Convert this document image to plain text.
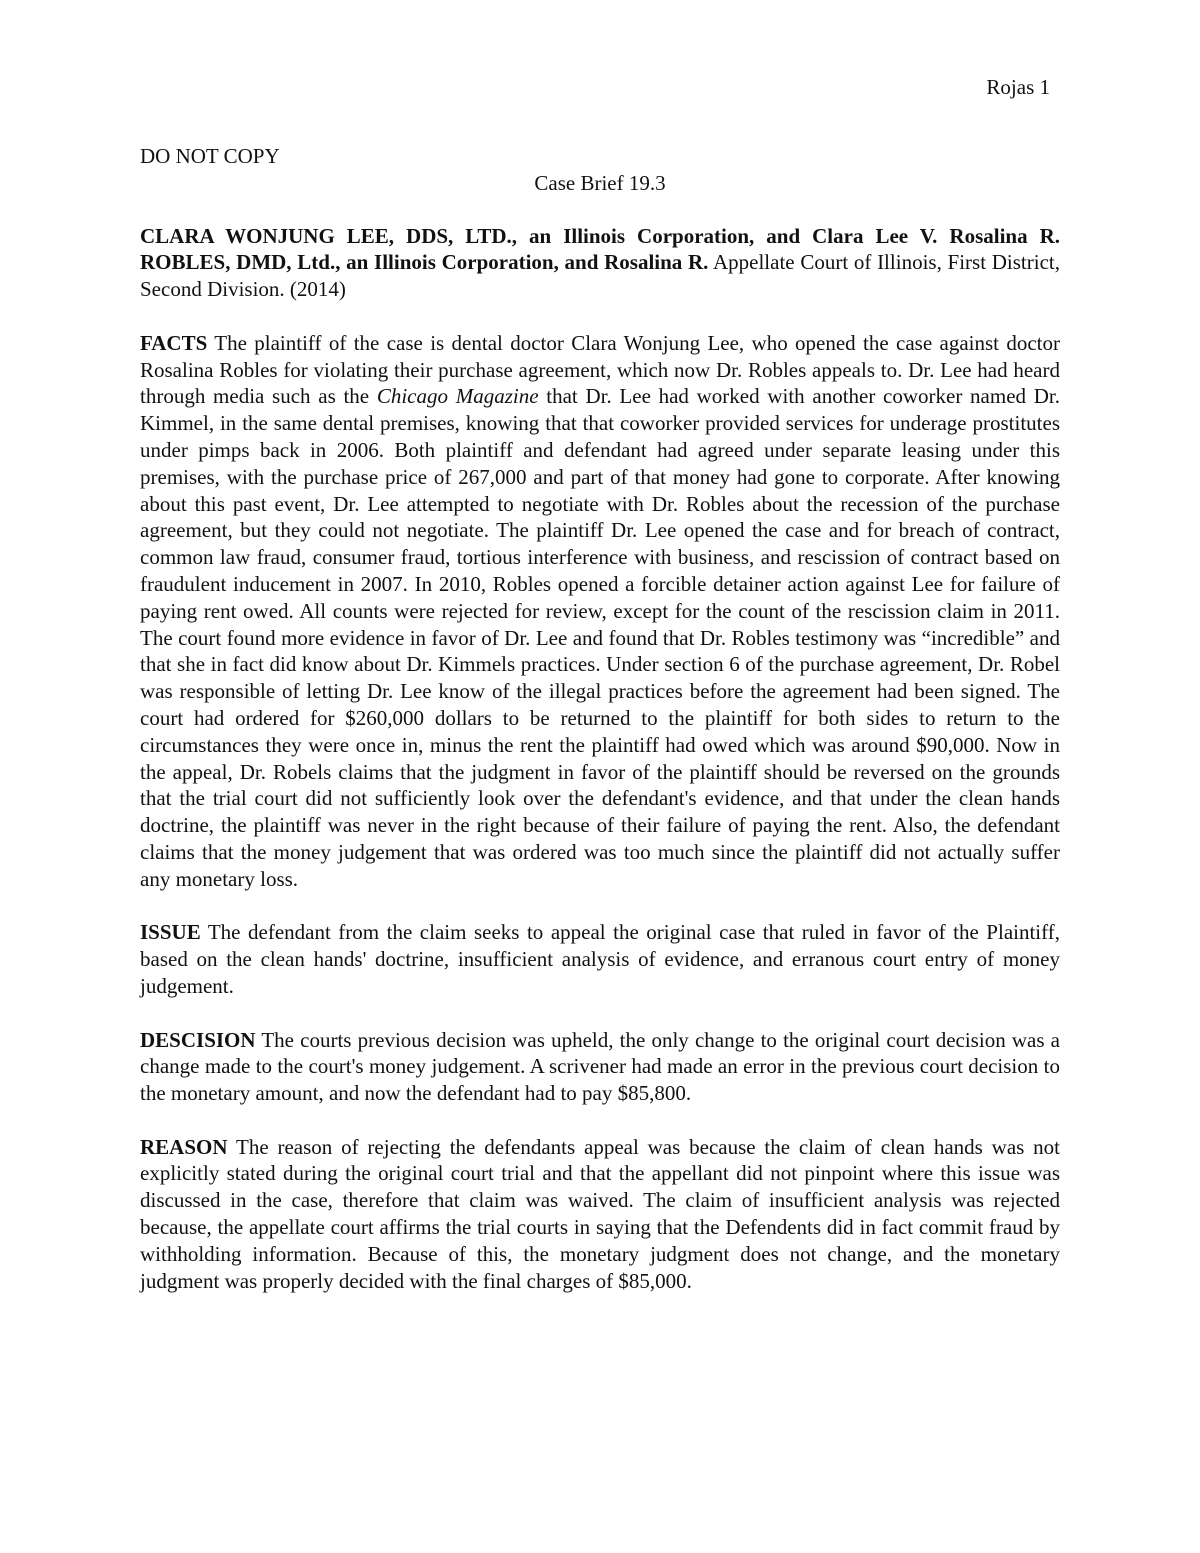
Rojas 1

DO NOT COPY

Case Brief 19.3

CLARA WONJUNG LEE, DDS, LTD., an Illinois Corporation, and Clara Lee V. Rosalina R. ROBLES, DMD, Ltd., an Illinois Corporation, and Rosalina R. Appellate Court of Illinois, First District, Second Division. (2014)

FACTS The plaintiff of the case is dental doctor Clara Wonjung Lee, who opened the case against doctor Rosalina Robles for violating their purchase agreement, which now Dr. Robles appeals to. Dr. Lee had heard through media such as the Chicago Magazine that Dr. Lee had worked with another coworker named Dr. Kimmel, in the same dental premises, knowing that that coworker provided services for underage prostitutes under pimps back in 2006. Both plaintiff and defendant had agreed under separate leasing under this premises, with the purchase price of 267,000 and part of that money had gone to corporate. After knowing about this past event, Dr. Lee attempted to negotiate with Dr. Robles about the recession of the purchase agreement, but they could not negotiate. The plaintiff Dr. Lee opened the case and for breach of contract, common law fraud, consumer fraud, tortious interference with business, and rescission of contract based on fraudulent inducement in 2007. In 2010, Robles opened a forcible detainer action against Lee for failure of paying rent owed. All counts were rejected for review, except for the count of the rescission claim in 2011. The court found more evidence in favor of Dr. Lee and found that Dr. Robles testimony was “incredible” and that she in fact did know about Dr. Kimmels practices. Under section 6 of the purchase agreement, Dr. Robel was responsible of letting Dr. Lee know of the illegal practices before the agreement had been signed. The court had ordered for $260,000 dollars to be returned to the plaintiff for both sides to return to the circumstances they were once in, minus the rent the plaintiff had owed which was around $90,000. Now in the appeal, Dr. Robels claims that the judgment in favor of the plaintiff should be reversed on the grounds that the trial court did not sufficiently look over the defendant's evidence, and that under the clean hands doctrine, the plaintiff was never in the right because of their failure of paying the rent. Also, the defendant claims that the money judgement that was ordered was too much since the plaintiff did not actually suffer any monetary loss.

ISSUE The defendant from the claim seeks to appeal the original case that ruled in favor of the Plaintiff, based on the clean hands' doctrine, insufficient analysis of evidence, and erranous court entry of money judgement.

DESCISION The courts previous decision was upheld, the only change to the original court decision was a change made to the court's money judgement. A scrivener had made an error in the previous court decision to the monetary amount, and now the defendant had to pay $85,800.

REASON The reason of rejecting the defendants appeal was because the claim of clean hands was not explicitly stated during the original court trial and that the appellant did not pinpoint where this issue was discussed in the case, therefore that claim was waived. The claim of insufficient analysis was rejected because, the appellate court affirms the trial courts in saying that the Defendents did in fact commit fraud by withholding information. Because of this, the monetary judgment does not change, and the monetary judgment was properly decided with the final charges of $85,000.
